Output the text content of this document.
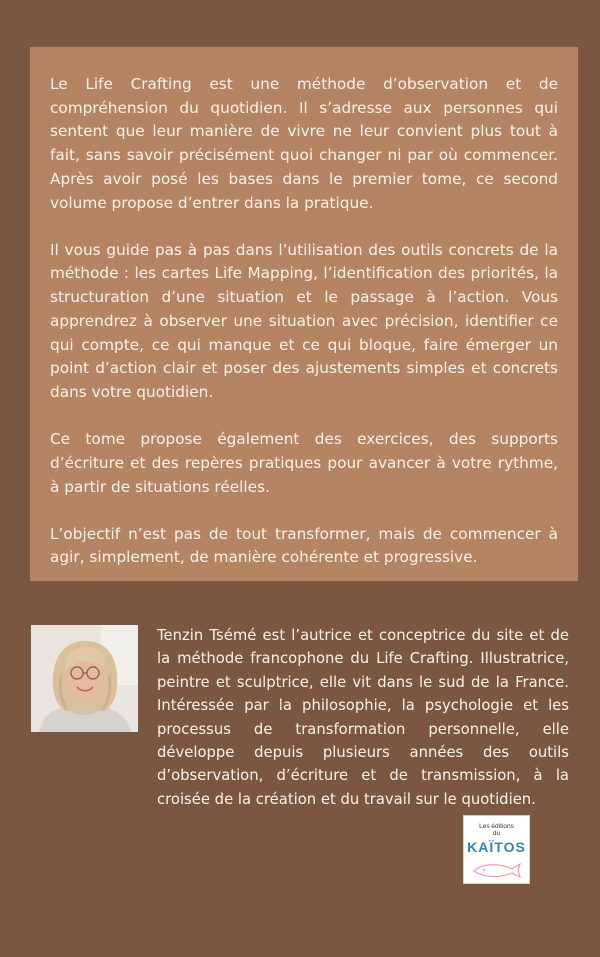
Le Life Crafting est une méthode d’observation et de compréhension du quotidien. Il s’adresse aux personnes qui sentent que leur manière de vivre ne leur convient plus tout à fait, sans savoir précisément quoi changer ni par où commencer. Après avoir posé les bases dans le premier tome, ce second volume propose d’entrer dans la pratique.

Il vous guide pas à pas dans l’utilisation des outils concrets de la méthode : les cartes Life Mapping, l’identification des priorités, la structuration d’une situation et le passage à l’action. Vous apprendrez à observer une situation avec précision, identifier ce qui compte, ce qui manque et ce qui bloque, faire émerger un point d’action clair et poser des ajustements simples et concrets dans votre quotidien.

Ce tome propose également des exercices, des supports d’écriture et des repères pratiques pour avancer à votre rythme, à partir de situations réelles.

L’objectif n’est pas de tout transformer, mais de commencer à agir, simplement, de manière cohérente et progressive.

Tenzin Tsémé est l’autrice et conceptrice du site et de la méthode francophone du Life Crafting. Illustratrice, peintre et sculptrice, elle vit dans le sud de la France. Intéressée par la philosophie, la psychologie et les processus de transformation personnelle, elle développe depuis plusieurs années des outils d’observation, d’écriture et de transmission, à la croisée de la création et du travail sur le quotidien.

Les éditions
du
KAÏTOS
